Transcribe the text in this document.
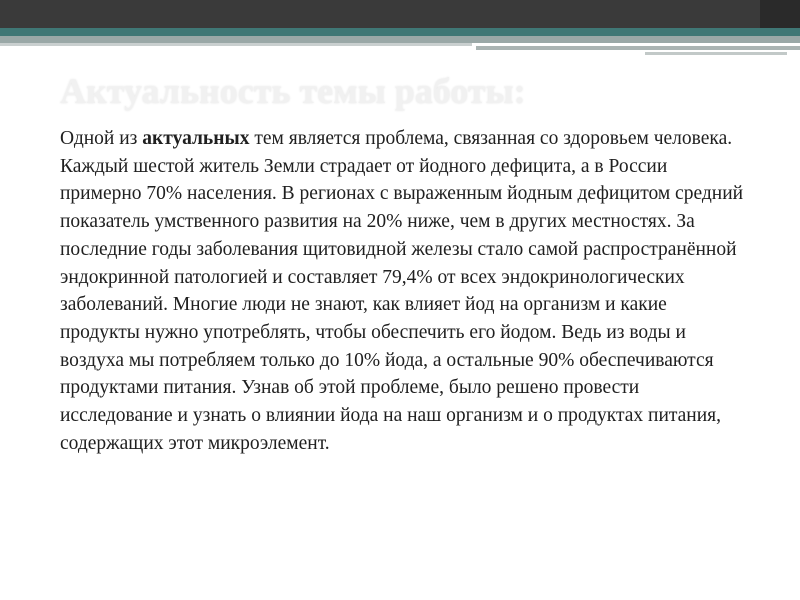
Актуальность темы работы:

Одной из актуальных тем является проблема, связанная со здоровьем человека. Каждый шестой житель Земли страдает от йодного дефицита, а в России примерно 70% населения. В регионах с выраженным йодным дефицитом средний показатель умственного развития на 20% ниже, чем в других местностях. За последние годы заболевания щитовидной железы стало самой распространённой эндокринной патологией и составляет 79,4% от всех эндокринологических заболеваний. Многие люди не знают, как влияет йод на организм и какие продукты нужно употреблять, чтобы обеспечить его йодом. Ведь из воды и воздуха мы потребляем только до 10% йода, а остальные 90% обеспечиваются продуктами питания. Узнав об этой проблеме, было решено провести исследование и узнать о влиянии йода на наш организм и о продуктах питания, содержащих этот микроэлемент.
